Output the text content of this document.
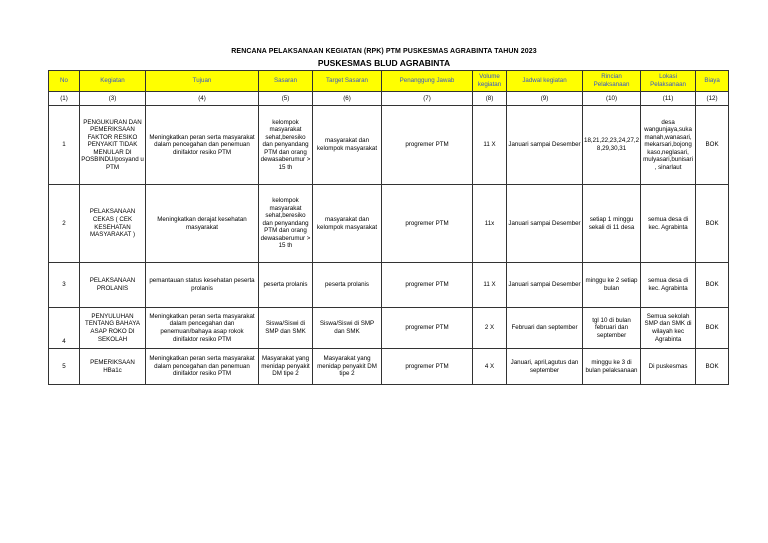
RENCANA PELAKSANAAN KEGIATAN (RPK) PTM PUSKESMAS AGRABINTA TAHUN 2023
PUSKESMAS BLUD AGRABINTA
No	Kegiatan	Tujuan	Sasaran	Target Sasaran	Penanggung Jawab	Volume kegiatan	Jadwal kegiatan	Rincian Pelaksanaan	Lokasi Pelaksanaan	Biaya
(1)	(3)	(4)	(5)	(6)	(7)	(8)	(9)	(10)	(11)	(12)
1	PENGUKURAN DAN PEMERIKSAAN FAKTOR RESIKO PENYAKIT TIDAK MENULAR DI POSBINDU/posyand u PTM	Meningkatkan peran serta masyarakat dalam pencegahan dan penemuan dinifaktor resiko PTM	kelompok masyarakat sehat,beresiko dan penyandang PTM dan orang dewasaberumur > 15 th	masyarakat dan kelompok masyarakat	progremer PTM	11 X	Januari sampai Desember	18,21,22,23,24,27,2 8,29,30,31	desa wangunjaya,suka manah,wanasari, mekarsari,bojong kaso,neglasari, mulyasari,bunisari , sinarlaut	BOK
2	PELAKSANAAN CEKAS ( CEK KESEHATAN MASYARAKAT )	Meningkatkan derajat kesehatan masyarakat	kelompok masyarakat sehat,beresiko dan penyandang PTM dan orang dewasaberumur > 15 th	masyarakat dan kelompok masyarakat	progremer PTM	11x	Januari sampai Desember	setiap 1 minggu sekali di 11 desa	semua desa di kec. Agrabinta	BOK
3	PELAKSANAAN PROLANIS	pemantauan status kesehatan peserta prolanis	peserta prolanis	peserta prolanis	progremer PTM	11 X	Januari sampai Desember	minggu ke 2 setiap bulan	semua desa di kec. Agrabinta	BOK
4	PENYULUHAN TENTANG BAHAYA ASAP ROKO DI SEKOLAH	Meningkatkan peran serta masyarakat dalam pencegahan dan penemuan/bahaya asap rokok dinifaktor resiko PTM	Siswa/Siswi di SMP dan SMK	Siswa/Siswi di SMP dan SMK	progremer PTM	2 X	Februari dan september	tgl 10 di bulan februari dan september	Semua sekolah SMP dan SMK di wilayah kec Agrabinta	BOK
5	PEMERIKSAAN HBa1c	Meningkatkan peran serta masyarakat dalam pencegahan dan penemuan dinifaktor resiko PTM	Masyarakat yang menidap penyakit DM tipe 2	Masyarakat yang menidap penyakit DM tipe 2	progremer PTM	4 X	Januari, april,agutus dan september	minggu ke 3 di bulan pelaksanaan	Di puskesmas	BOK
